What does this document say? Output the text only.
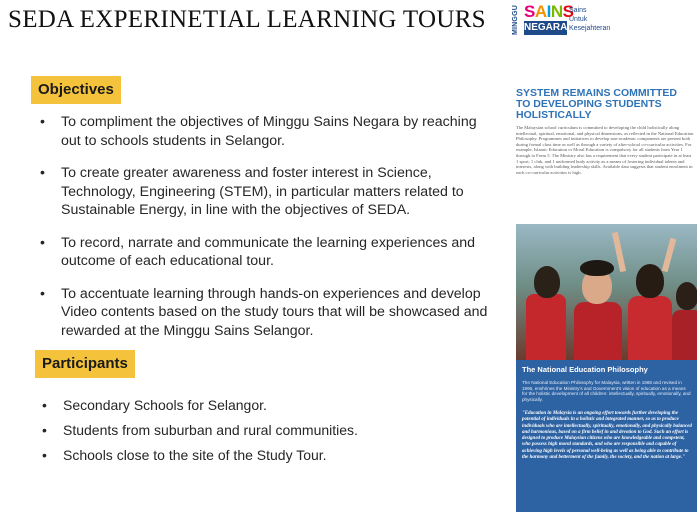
SEDA EXPERINETIAL LEARNING TOURS	MINGGU SAINS
NEGARA
Sains
Untuk
Kesejahteran
Objectives
• To compliment the objectives of Minggu Sains Negara by reaching out to schools students in Selangor.
• To create greater awareness and foster interest in Science, Technology, Engineering (STEM), in particular matters related to Sustainable Energy, in line with the objectives of SEDA.
• To record, narrate and communicate the learning experiences and outcome of each educational tour.
• To accentuate learning through hands-on experiences and develop Video contents based on the study tours that will be showcased and rewarded at the Minggu Sains Selangor.
Participants
• Secondary Schools for Selangor.
• Students from suburban and rural communities.
• Schools close to the site of the Study Tour.
SYSTEM REMAINS COMMITTED TO DEVELOPING STUDENTS HOLISTICALLY
The Malaysian school curriculum is committed to developing the child holistically along intellectual, spiritual, emotional, and physical dimensions, as reflected in the National Education Philosophy. Programmes and initiatives to develop non-academic components are present both during formal class time as well as through a variety of after-school co-curricular activities. For example, Islamic Education or Moral Education is compulsory for all students from Year 1 through to Form 5. The Ministry also has a requirement that every student participate in at least 1 sport, 1 club, and 1 uniformed body activity as a means of fostering individual talents and interests, along with building leadership skills. Available data suggests that student enrolment in each co-curricular activities is high.
The National Education Philosophy
The National Education Philosophy for Malaysia, written in 1988 and revised in 1996, enshrines the Ministry's and Government's vision of education as a means for the holistic development of all children: intellectually, spiritually, emotionally, and physically.
"Education in Malaysia is an ongoing effort towards further developing the potential of individuals in a holistic and integrated manner, so as to produce individuals who are intellectually, spiritually, emotionally, and physically balanced and harmonious, based on a firm belief in and devotion to God. Such an effort is designed to produce Malaysian citizens who are knowledgeable and competent, who possess high moral standards, and who are responsible and capable of achieving high levels of personal well-being as well as being able to contribute to the harmony and betterment of the family, the society, and the nation at large."
